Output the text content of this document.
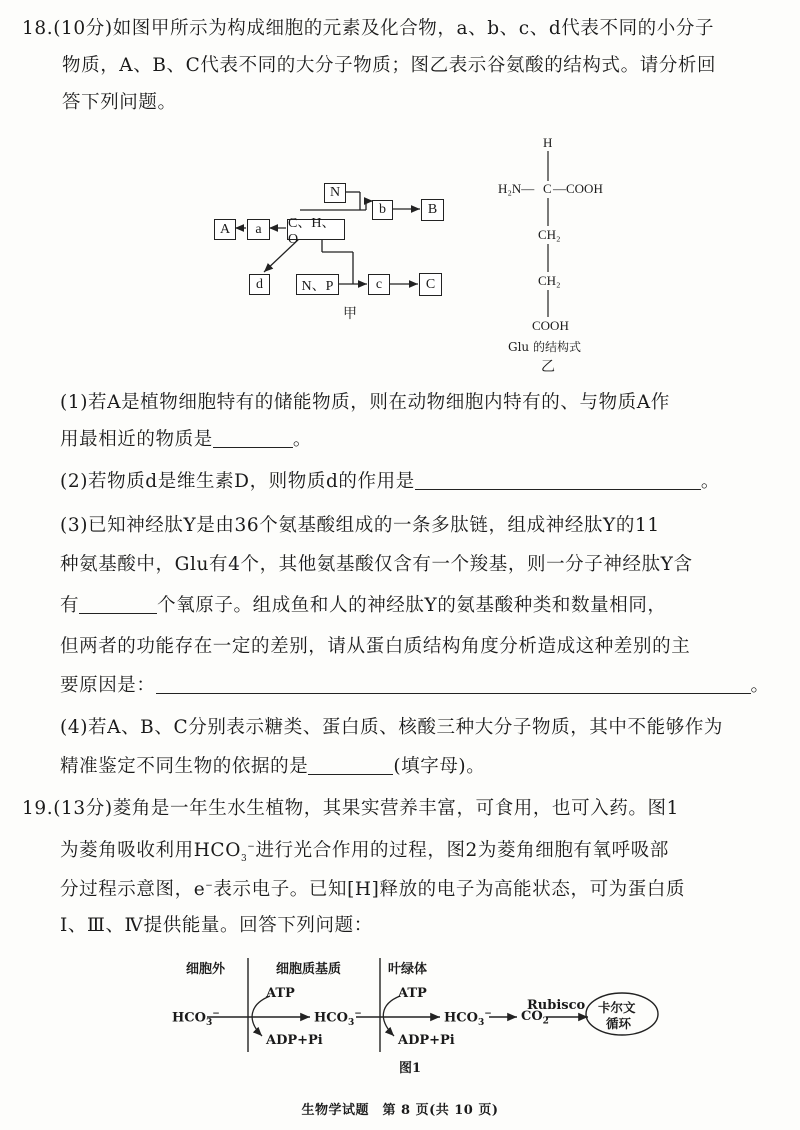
18.(10分)如图甲所示为构成细胞的元素及化合物，a、b、c、d代表不同的小分子
物质，A、B、C代表不同的大分子物质；图乙表示谷氨酸的结构式。请分析回
答下列问题。
N
b	B
A	a	C、H、O
d	N、P	c	C
甲
H
H₂N— C —COOH
CH₂
CH₂
COOH
Glu 的结构式
乙
(1)若A是植物细胞特有的储能物质，则在动物细胞内特有的、与物质A作
用最相近的物质是	。
(2)若物质d是维生素D，则物质d的作用是	。
(3)已知神经肽Y是由36个氨基酸组成的一条多肽链，组成神经肽Y的11
种氨基酸中，Glu有4个，其他氨基酸仅含有一个羧基，则一分子神经肽Y含
有	个氧原子。组成鱼和人的神经肽Y的氨基酸种类和数量相同，
但两者的功能存在一定的差别，请从蛋白质结构角度分析造成这种差别的主
要原因是：	。
(4)若A、B、C分别表示糖类、蛋白质、核酸三种大分子物质，其中不能够作为
精准鉴定不同生物的依据的是	(填字母)。
19.(13分)菱角是一年生水生植物，其果实营养丰富，可食用，也可入药。图1
为菱角吸收利用$HCO_3^-$进行光合作用的过程，图2为菱角细胞有氧呼吸部
分过程示意图，e−表示电子。已知[H]释放的电子为高能状态，可为蛋白质
Ⅰ、Ⅲ、Ⅳ提供能量。回答下列问题：
细胞外	细胞质基质	叶绿体
$HCO_3^-$	$HCO_3^-$	$HCO_3^-$ $CO_2$
ATP
ADP+Pi
ATP
ADP+Pi
Rubisco 卡尔文
循环
图1
生物学试题　第 8 页(共 10 页)
